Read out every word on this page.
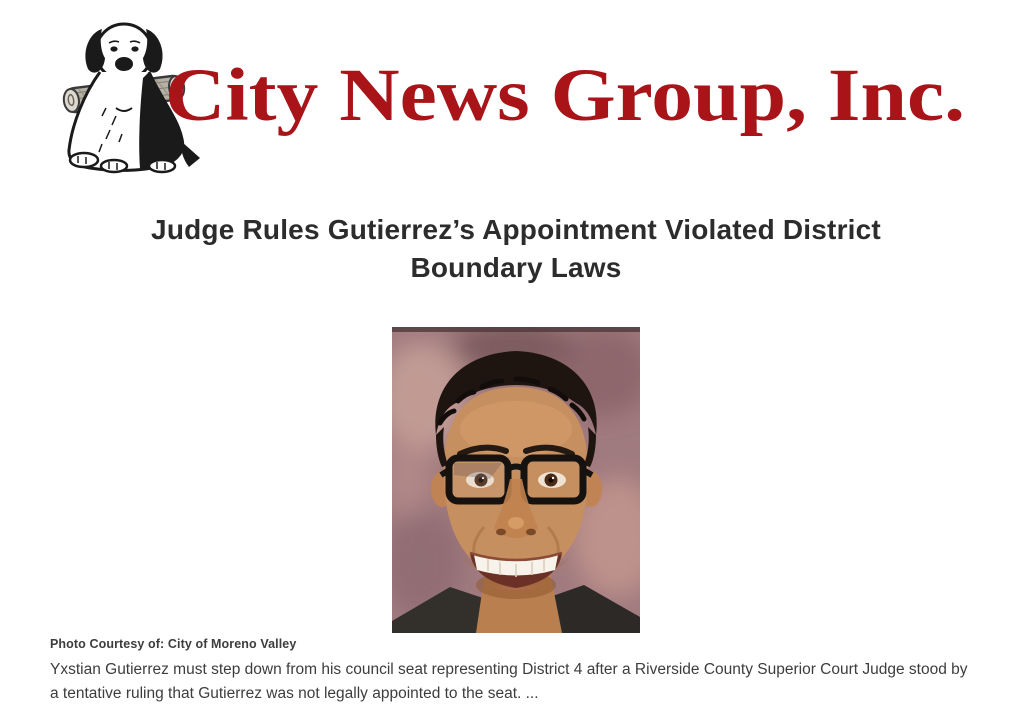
City News Group, Inc.
Judge Rules Gutierrez’s Appointment Violated District
Boundary Laws

Photo Courtesy of: City of Moreno Valley

Yxstian Gutierrez must step down from his council seat representing District 4 after a Riverside County Superior Court Judge stood by a tentative ruling that Gutierrez was not legally appointed to the seat. ...
